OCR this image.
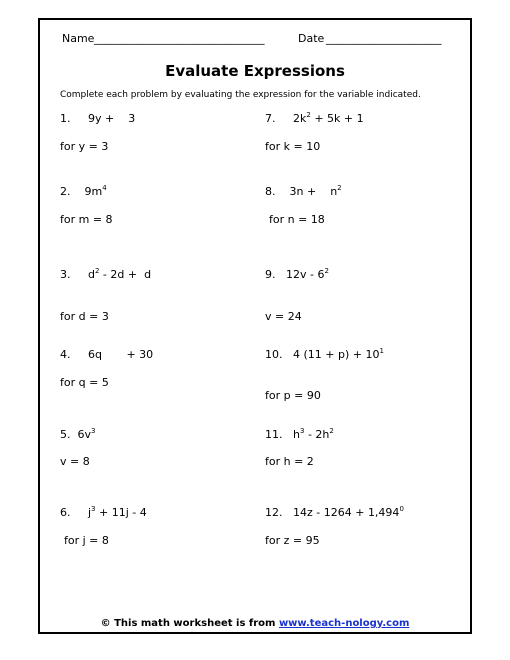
Name _______________________________	Date _____________________
Evaluate Expressions
Complete each problem by evaluating the expression for the variable indicated.
1. 9y +    3
for y = 3
2. $9m^4$
for m = 8
3. $d^2 - 2d + d$
for d = 3
4. 6q + 30
for q = 5
5. $6v^3$
v = 8
6. $j^3 + 11j - 4$
for j = 8
7. $2k^2 + 5k + 1$
for k = 10
8. $3n + n^2$
for n = 18
9. $12v - 6^2$
v = 24
10. 4 $(11 + p) + 10^1$
for p = 90
11. $h^3 - 2h^2$
for h = 2
12. $14z - 1264 + 1,494^0$
for z = 95
© This math worksheet is from www.teach-nology.com
